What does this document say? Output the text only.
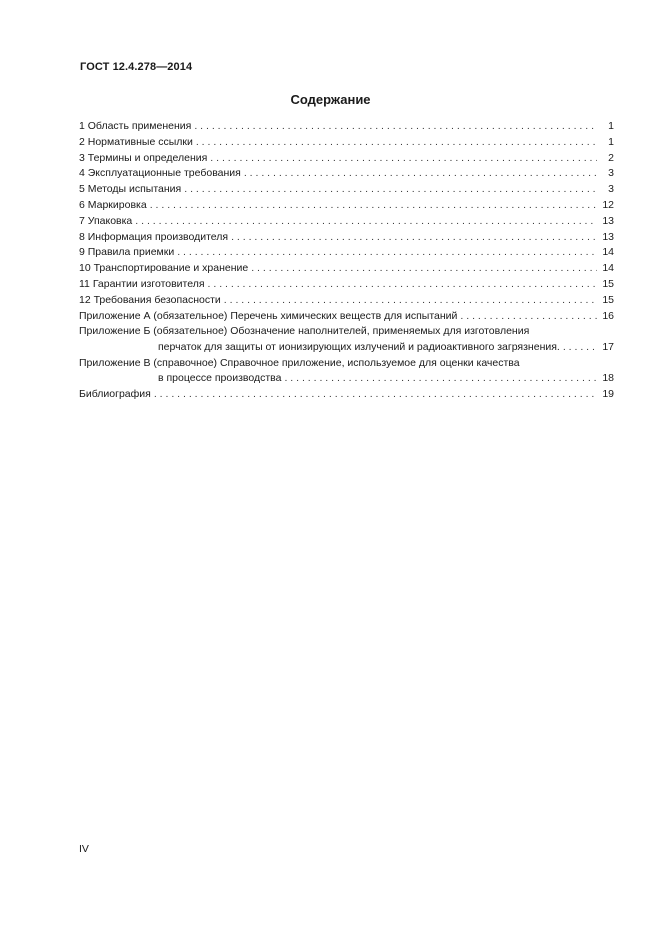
ГОСТ 12.4.278—2014
Содержание
1 Область применения . . .	1
2 Нормативные ссылки . . .	1
3 Термины и определения . . .	2
4 Эксплуатационные требования . . .	3
5 Методы испытания . . .	3
6 Маркировка . . .	12
7 Упаковка . . .	13
8 Информация производителя . . .	13
9 Правила приемки . . .	14
10 Транспортирование и хранение . . .	14
11 Гарантии изготовителя . . .	15
12 Требования безопасности . . .	15
Приложение А (обязательное) Перечень химических веществ для испытаний . . .	16
Приложение Б (обязательное) Обозначение наполнителей, применяемых для изготовления
перчаток для защиты от ионизирующих излучений и радиоактивного загрязнения. . . .	17
Приложение В (справочное) Справочное приложение, используемое для оценки качества
в процессе производства . . .	18
Библиография . . .	19
IV
